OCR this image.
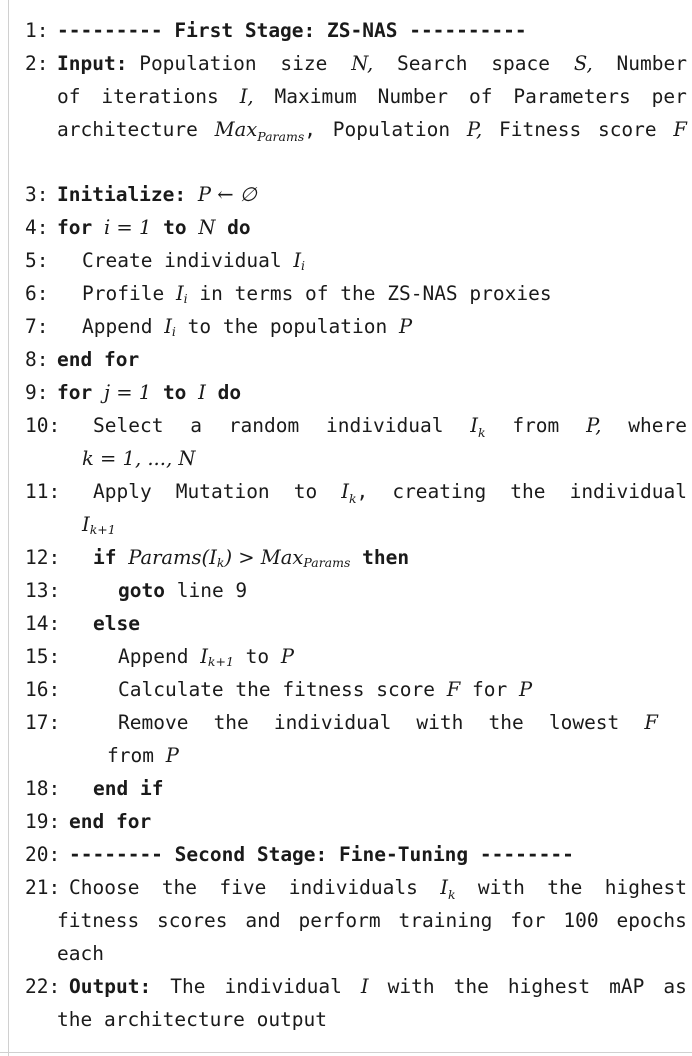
1: --------- First Stage: ZS-NAS ----------
2: Input: Population size N, Search space S, Number
of iterations I, Maximum Number of Parameters per
architecture Max$_{Params}$, Population P, Fitness score F
3: Initialize:
P ← ∅
4: for
i = 1
to
N
do
5: Create individual
I i
6: Profile
I i
in terms of the ZS-NAS proxies
7: Append
I i
to the population
P
8: end for
9: for
j = 1
to
I
do
10: Select a random individual $I_k$ from P, where
k = 1, ..., N
11: Apply Mutation to $I_k$, creating the individual
I k+1
12: if
Params(I k ) > Max Params
then
13:	goto
line 9
14: else
15:	Append
I k+1
to
P
16:	Calculate the fitness score
F
for
P
17:	Remove the individual with the lowest F
from
P
18: end if
19: end for
20: -------- Second Stage: Fine-Tuning --------
21: Choose the five individuals $I_k$ with the highest
fitness scores and perform training for 100 epochs
each
22: Output: The individual I with the highest mAP as
the architecture output
